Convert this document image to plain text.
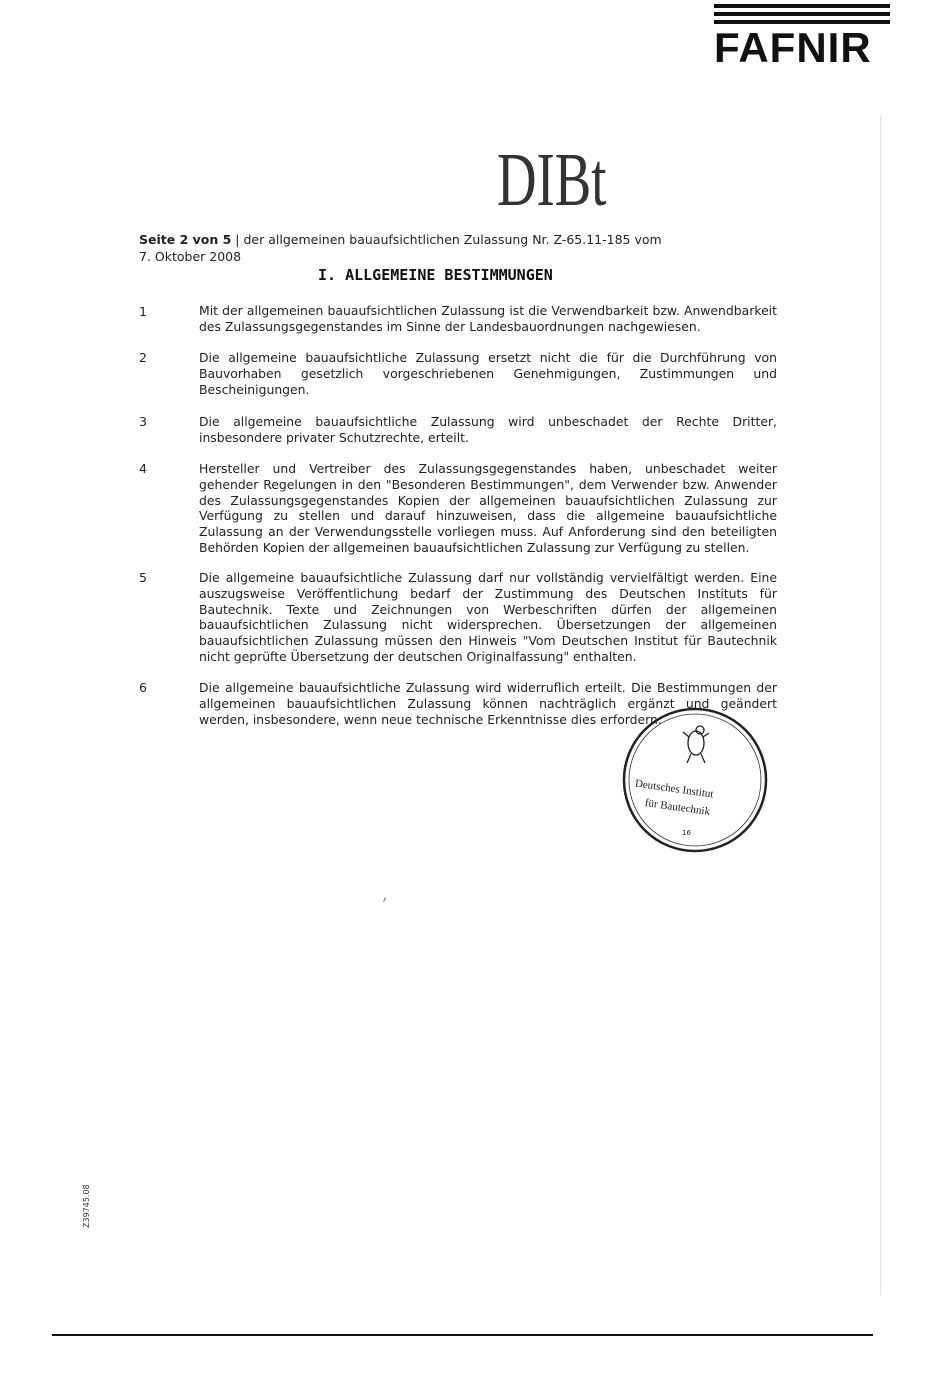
FAFNIR
DIBt
Seite 2 von 5 | der allgemeinen bauaufsichtlichen Zulassung Nr. Z-65.11-185 vom
7. Oktober 2008
I. ALLGEMEINE BESTIMMUNGEN
1	Mit der allgemeinen bauaufsichtlichen Zulassung ist die Verwendbarkeit bzw. Anwendbarkeit des Zulassungsgegenstandes im Sinne der Landesbauordnungen nachgewiesen.

2	Die allgemeine bauaufsichtliche Zulassung ersetzt nicht die für die Durchführung von Bauvorhaben gesetzlich vorgeschriebenen Genehmigungen, Zustimmungen und Bescheinigungen.

3	Die allgemeine bauaufsichtliche Zulassung wird unbeschadet der Rechte Dritter, insbesondere privater Schutzrechte, erteilt.

4	Hersteller und Vertreiber des Zulassungsgegenstandes haben, unbeschadet weiter gehender Regelungen in den "Besonderen Bestimmungen", dem Verwender bzw. Anwender des Zulassungsgegenstandes Kopien der allgemeinen bauaufsichtlichen Zulassung zur Verfügung zu stellen und darauf hinzuweisen, dass die allgemeine bauaufsichtliche Zulassung an der Verwendungsstelle vorliegen muss. Auf Anforderung sind den beteiligten Behörden Kopien der allgemeinen bauaufsichtlichen Zulassung zur Verfügung zu stellen.

5	Die allgemeine bauaufsichtliche Zulassung darf nur vollständig vervielfältigt werden. Eine auszugsweise Veröffentlichung bedarf der Zustimmung des Deutschen Instituts für Bautechnik. Texte und Zeichnungen von Werbeschriften dürfen der allgemeinen bauaufsichtlichen Zulassung nicht widersprechen. Übersetzungen der allgemeinen bauaufsichtlichen Zulassung müssen den Hinweis "Vom Deutschen Institut für Bautechnik nicht geprüfte Übersetzung der deutschen Originalfassung" enthalten.

6	Die allgemeine bauaufsichtliche Zulassung wird widerruflich erteilt. Die Bestimmungen der allgemeinen bauaufsichtlichen Zulassung können nachträglich ergänzt und geändert werden, insbesondere, wenn neue technische Erkenntnisse dies erfordern.

Deutsches Institut
für Bautechnik
16
Z39745.08
